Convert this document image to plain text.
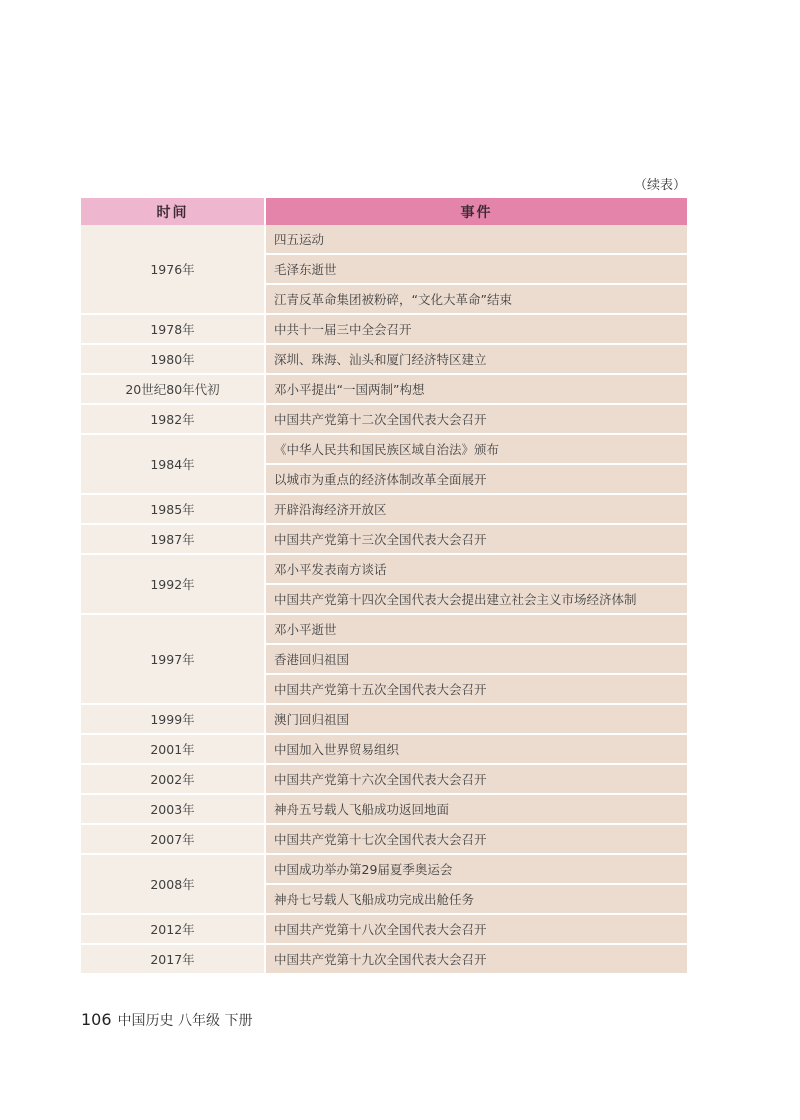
（续表）
时间	事件
1976年	四五运动
	毛泽东逝世
	江青反革命集团被粉碎，“文化大革命”结束
1978年	中共十一届三中全会召开
1980年	深圳、珠海、汕头和厦门经济特区建立
20世纪80年代初	邓小平提出“一国两制”构想
1982年	中国共产党第十二次全国代表大会召开
1984年	《中华人民共和国民族区域自治法》颁布
	以城市为重点的经济体制改革全面展开
1985年	开辟沿海经济开放区
1987年	中国共产党第十三次全国代表大会召开
1992年	邓小平发表南方谈话
	中国共产党第十四次全国代表大会提出建立社会主义市场经济体制
1997年	邓小平逝世
	香港回归祖国
	中国共产党第十五次全国代表大会召开
1999年	澳门回归祖国
2001年	中国加入世界贸易组织
2002年	中国共产党第十六次全国代表大会召开
2003年	神舟五号载人飞船成功返回地面
2007年	中国共产党第十七次全国代表大会召开
2008年	中国成功举办第29届夏季奥运会
	神舟七号载人飞船成功完成出舱任务
2012年	中国共产党第十八次全国代表大会召开
2017年	中国共产党第十九次全国代表大会召开
106 中国历史 八年级 下册
